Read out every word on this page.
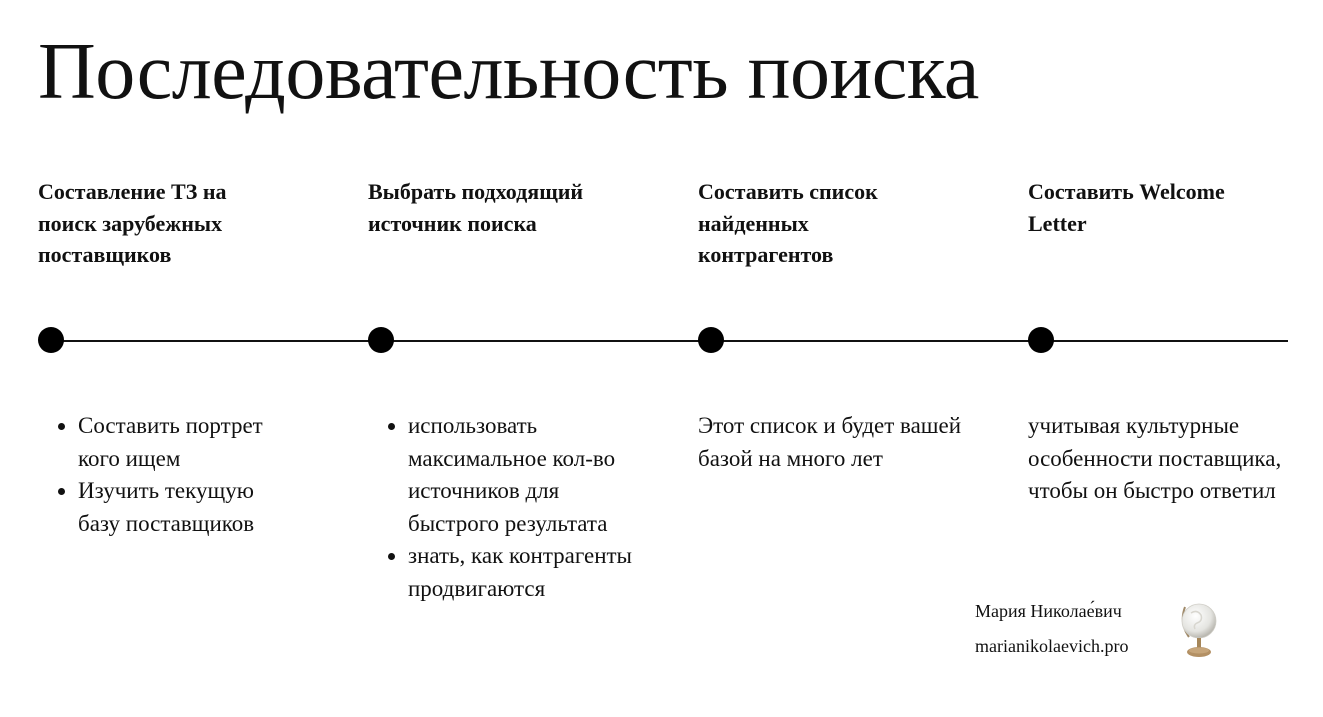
Последовательность поиска

Составление ТЗ на поиск зарубежных поставщиков

Выбрать подходящий источник поиска

Составить список найденных контрагентов

Составить Welcome Letter

• Составить портрет кого ищем
• Изучить текущую базу поставщиков
• использовать максимальное кол-во источников для быстрого результата
• знать, как контрагенты продвигаются

Этот список и будет вашей базой на много лет

учитывая культурные особенности поставщика, чтобы он быстро ответил

Мария Николае́вич
marianikolaevich.pro
